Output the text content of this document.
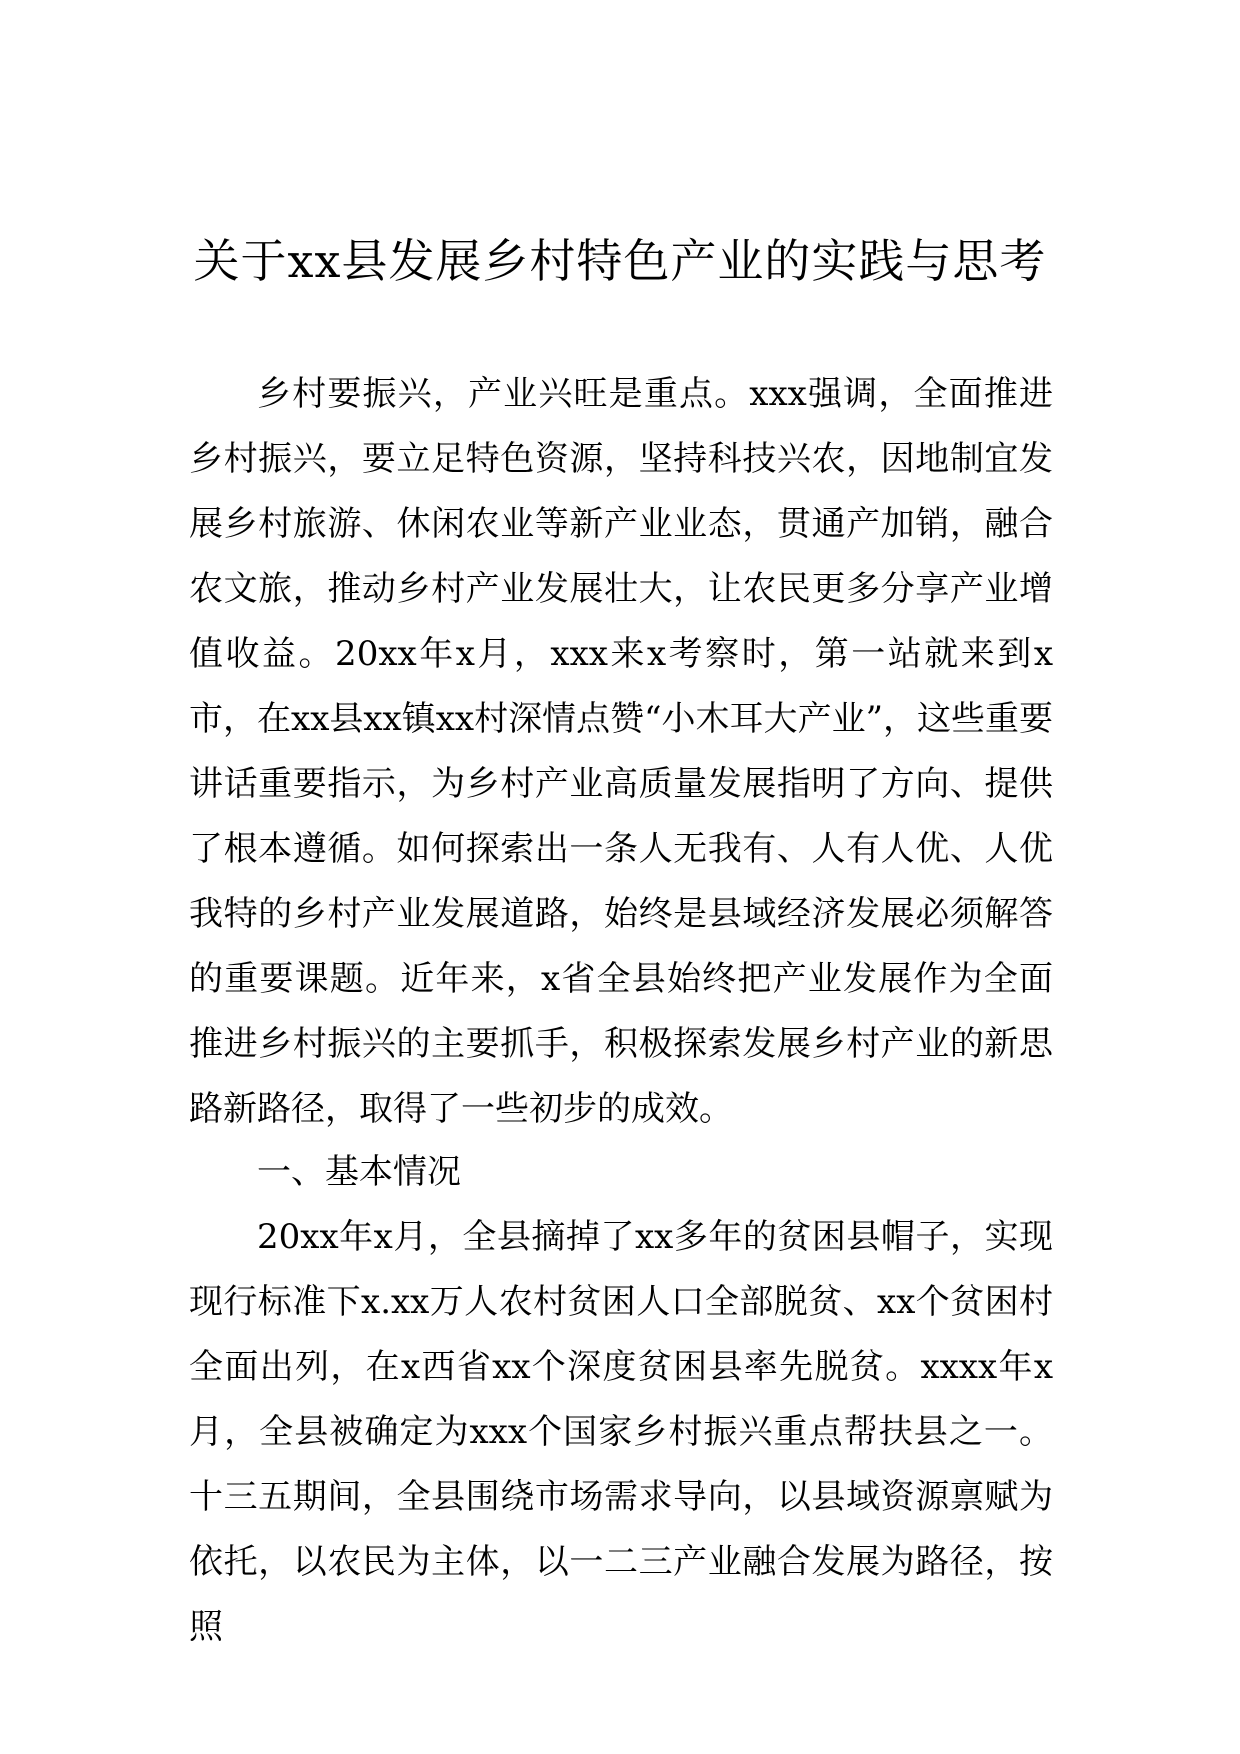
关于xx县发展乡村特色产业的实践与思考

乡村要振兴，产业兴旺是重点。xxx强调，全面推进乡村振兴，要立足特色资源，坚持科技兴农，因地制宜发展乡村旅游、休闲农业等新产业业态，贯通产加销，融合农文旅，推动乡村产业发展壮大，让农民更多分享产业增值收益。20xx年x月，xxx来x考察时，第一站就来到x市，在xx县xx镇xx村深情点赞“小木耳大产业”，这些重要讲话重要指示，为乡村产业高质量发展指明了方向、提供了根本遵循。如何探索出一条人无我有、人有人优、人优我特的乡村产业发展道路，始终是县域经济发展必须解答的重要课题。近年来，x省全县始终把产业发展作为全面推进乡村振兴的主要抓手，积极探索发展乡村产业的新思路新路径，取得了一些初步的成效。

一、基本情况

20xx年x月，全县摘掉了xx多年的贫困县帽子，实现现行标准下x.xx万人农村贫困人口全部脱贫、xx个贫困村全面出列，在x西省xx个深度贫困县率先脱贫。xxxx年x月，全县被确定为xxx个国家乡村振兴重点帮扶县之一。十三五期间，全县围绕市场需求导向，以县域资源禀赋为依托，以农民为主体，以一二三产业融合发展为路径，按照
